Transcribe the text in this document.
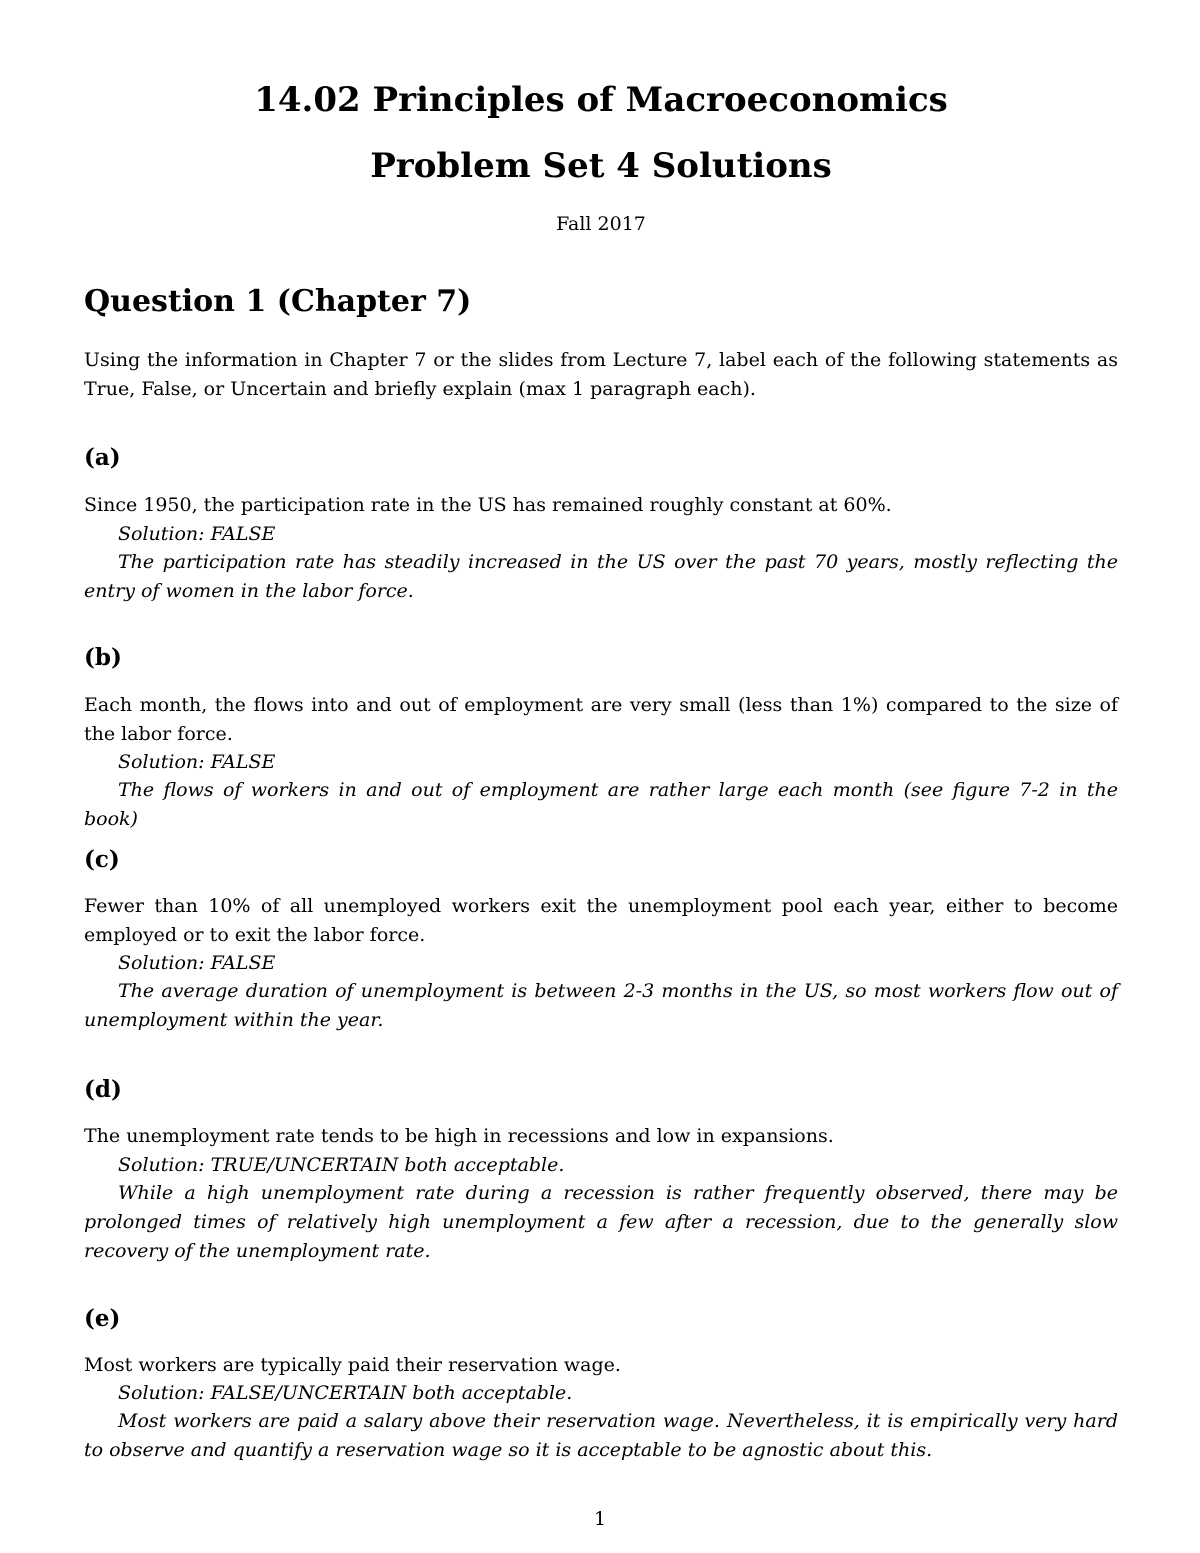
14.02 Principles of Macroeconomics
Problem Set 4 Solutions
Fall 2017
Question 1 (Chapter 7)
Using the information in Chapter 7 or the slides from Lecture 7, label each of the following statements as True, False, or Uncertain and briefly explain (max 1 paragraph each).
(a)
Since 1950, the participation rate in the US has remained roughly constant at 60%.
Solution: FALSE
The participation rate has steadily increased in the US over the past 70 years, mostly reflecting the entry of women in the labor force.
(b)
Each month, the flows into and out of employment are very small (less than 1%) compared to the size of the labor force.
Solution: FALSE
The flows of workers in and out of employment are rather large each month (see figure 7-2 in the book)
(c)
Fewer than 10% of all unemployed workers exit the unemployment pool each year, either to become employed or to exit the labor force.
Solution: FALSE
The average duration of unemployment is between 2-3 months in the US, so most workers flow out of unemployment within the year.
(d)
The unemployment rate tends to be high in recessions and low in expansions.
Solution: TRUE/UNCERTAIN both acceptable.
While a high unemployment rate during a recession is rather frequently observed, there may be prolonged times of relatively high unemployment a few after a recession, due to the generally slow recovery of the unemployment rate.
(e)
Most workers are typically paid their reservation wage.
Solution: FALSE/UNCERTAIN both acceptable.
Most workers are paid a salary above their reservation wage. Nevertheless, it is empirically very hard to observe and quantify a reservation wage so it is acceptable to be agnostic about this.
1
